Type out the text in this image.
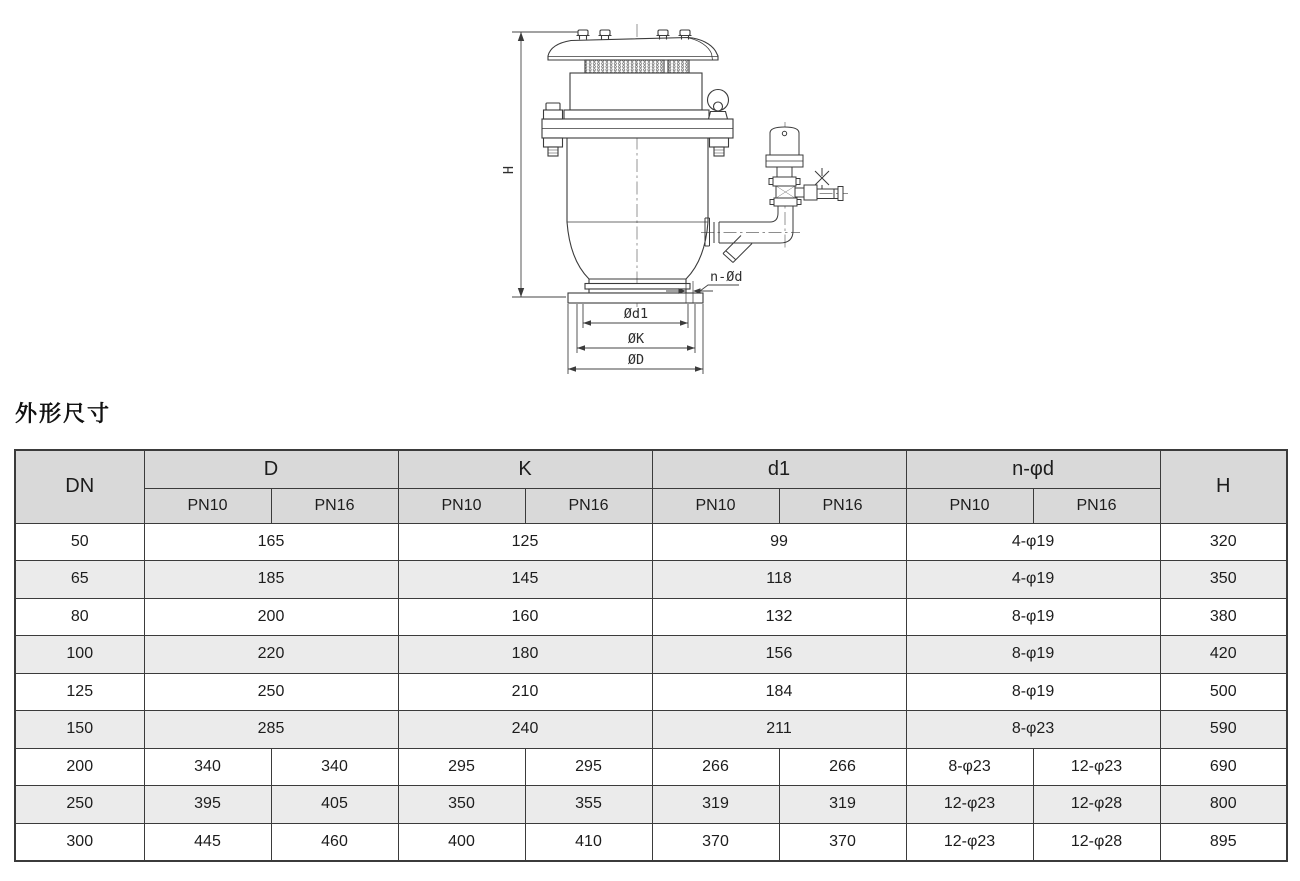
H
n-Ød
Ød1
ØK
ØD
外形尺寸
DN	D		K		d1		n-φd		H
	PN10	PN16	PN10	PN16	PN10	PN16	PN10	PN16	
50	165		125		99		4-φ19		320
65	185		145		118		4-φ19		350
80	200		160		132		8-φ19		380
100	220		180		156		8-φ19		420
125	250		210		184		8-φ19		500
150	285		240		211		8-φ23		590
200	340	340	295	295	266	266	8-φ23	12-φ23	690
250	395	405	350	355	319	319	12-φ23	12-φ28	800
300	445	460	400	410	370	370	12-φ23	12-φ28	895
